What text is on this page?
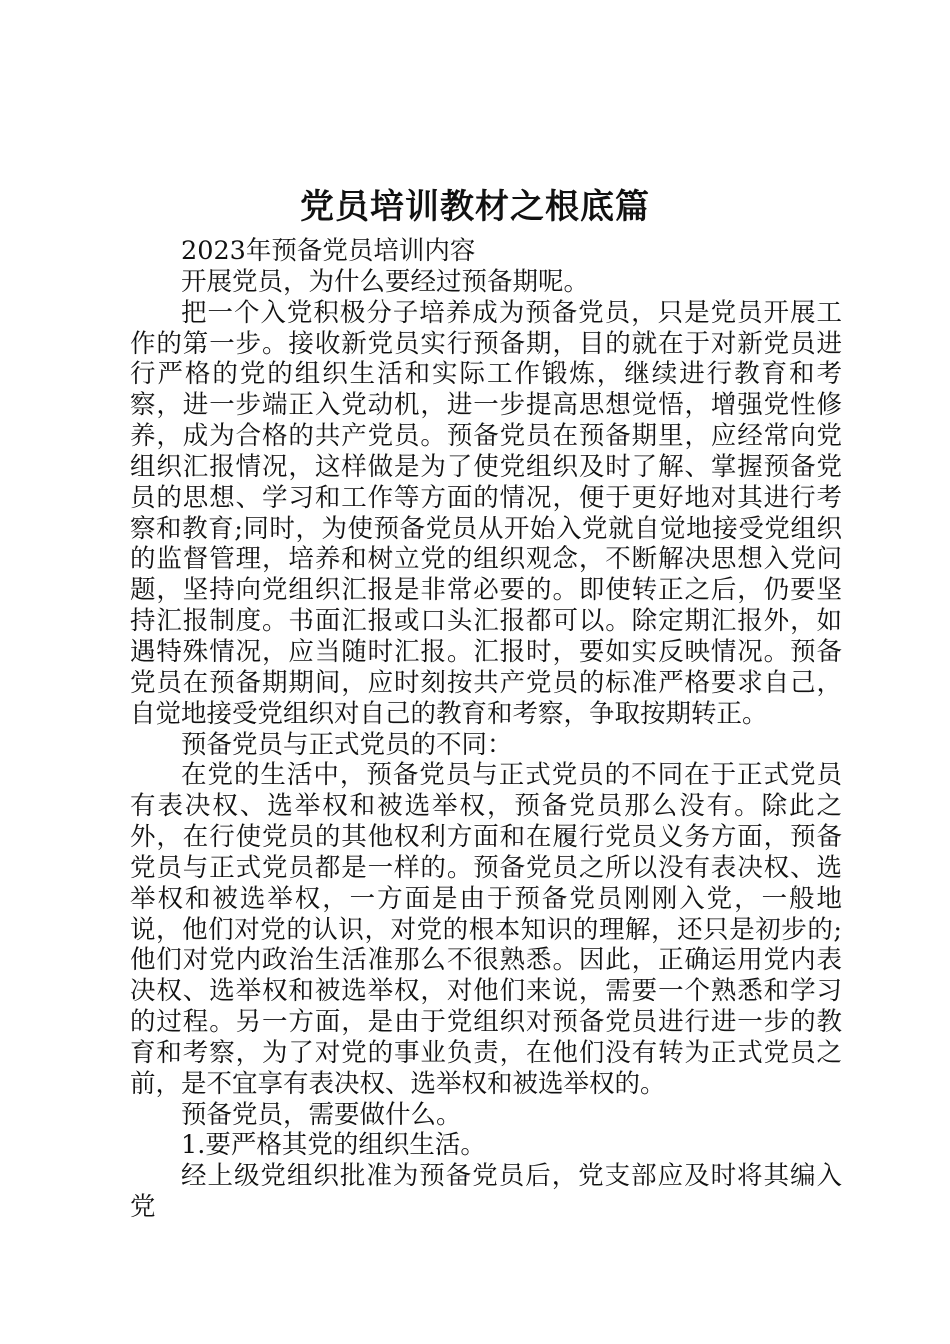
党员培训教材之根底篇

2023年预备党员培训内容

开展党员，为什么要经过预备期呢。

把一个入党积极分子培养成为预备党员，只是党员开展工作的第一步。接收新党员实行预备期，目的就在于对新党员进行严格的党的组织生活和实际工作锻炼，继续进行教育和考察，进一步端正入党动机，进一步提高思想觉悟，增强党性修养，成为合格的共产党员。预备党员在预备期里，应经常向党组织汇报情况，这样做是为了使党组织及时了解、掌握预备党员的思想、学习和工作等方面的情况，便于更好地对其进行考察和教育;同时，为使预备党员从开始入党就自觉地接受党组织的监督管理，培养和树立党的组织观念，不断解决思想入党问题，坚持向党组织汇报是非常必要的。即使转正之后，仍要坚持汇报制度。书面汇报或口头汇报都可以。除定期汇报外，如遇特殊情况，应当随时汇报。汇报时，要如实反映情况。预备党员在预备期期间，应时刻按共产党员的标准严格要求自己，自觉地接受党组织对自己的教育和考察，争取按期转正。

预备党员与正式党员的不同：

在党的生活中，预备党员与正式党员的不同在于正式党员有表决权、选举权和被选举权，预备党员那么没有。除此之外，在行使党员的其他权利方面和在履行党员义务方面，预备党员与正式党员都是一样的。预备党员之所以没有表决权、选举权和被选举权，一方面是由于预备党员刚刚入党，一般地说，他们对党的认识，对党的根本知识的理解，还只是初步的;他们对党内政治生活准那么不很熟悉。因此，正确运用党内表决权、选举权和被选举权，对他们来说，需要一个熟悉和学习的过程。另一方面，是由于党组织对预备党员进行进一步的教育和考察，为了对党的事业负责，在他们没有转为正式党员之前，是不宜享有表决权、选举权和被选举权的。

预备党员，需要做什么。

1.要严格其党的组织生活。

经上级党组织批准为预备党员后，党支部应及时将其编入党
